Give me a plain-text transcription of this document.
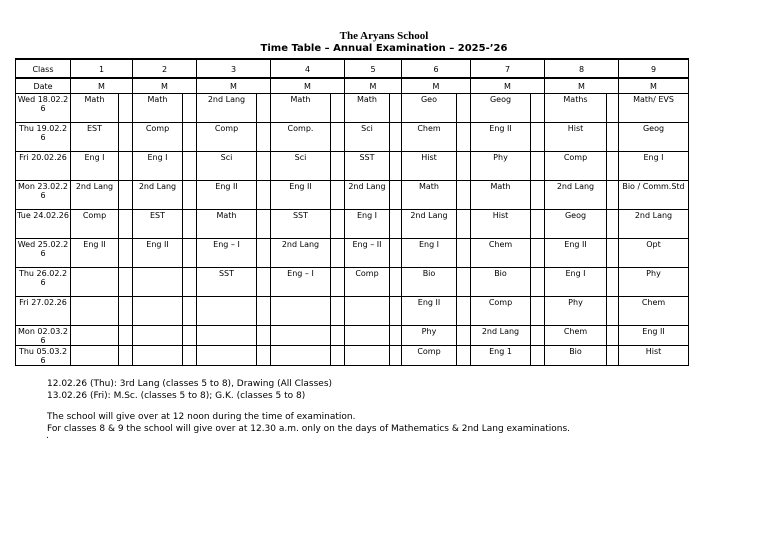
The Aryans School
Time Table – Annual Examination – 2025-’26
Class	1		2		3		4		5		6		7		8		9
Date	M		M		M		M		M		M		M		M		M
Wed 18.02.26	Math		Math		2nd Lang		Math		Math		Geo		Geog		Maths		Math/ EVS
Thu 19.02.26	EST		Comp		Comp		Comp.		Sci		Chem		Eng II		Hist		Geog
Fri 20.02.26	Eng I		Eng I		Sci		Sci		SST		Hist		Phy		Comp		Eng I
Mon 23.02.26	2nd Lang		2nd Lang		Eng II		Eng II		2nd Lang		Math		Math		2nd Lang		Bio / Comm.Std
Tue 24.02.26	Comp		EST		Math		SST		Eng I		2nd Lang		Hist		Geog		2nd Lang
Wed 25.02.26	Eng II		Eng II		Eng – I		2nd Lang		Eng – II		Eng I		Chem		Eng II		Opt
Thu 26.02.26					SST		Eng – I		Comp		Bio		Bio		Eng I		Phy
Fri 27.02.26											Eng II		Comp		Phy		Chem
Mon 02.03.26											Phy		2nd Lang		Chem		Eng II
Thu 05.03.26											Comp		Eng 1		Bio		Hist

12.02.26 (Thu): 3rd Lang (classes 5 to 8), Drawing (All Classes)

13.02.26 (Fri): M.Sc. (classes 5 to 8); G.K. (classes 5 to 8)

The school will give over at 12 noon during the time of examination.

For classes 8 & 9 the school will give over at 12.30 a.m. only on the days of Mathematics & 2nd Lang examinations.

.
